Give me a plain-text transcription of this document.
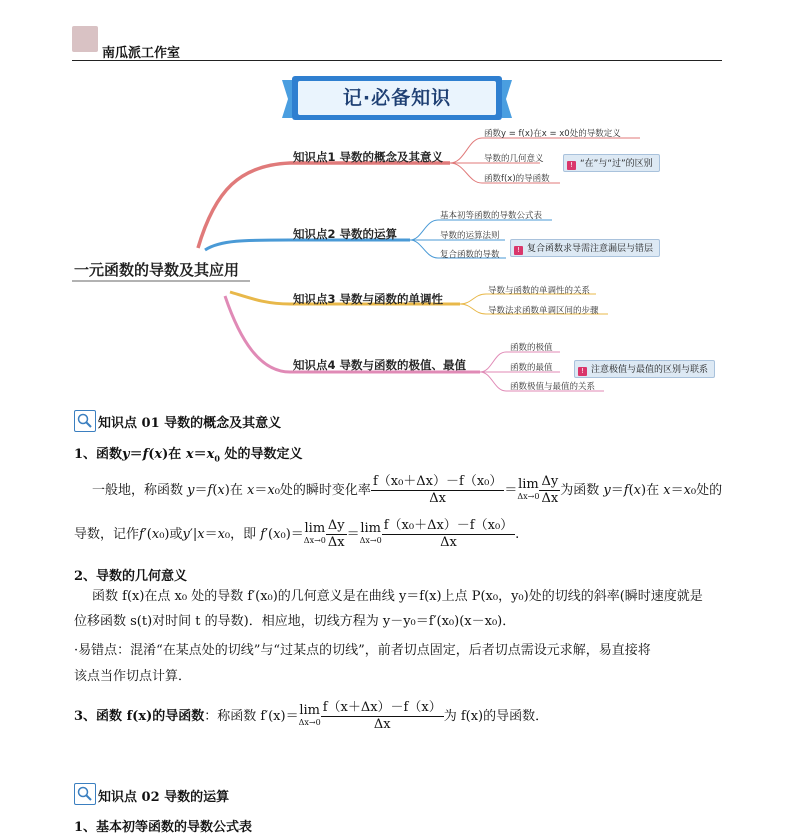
南瓜派工作室
记·必备知识
一元函数的导数及其应用
知识点1 导数的概念及其意义
函数y = f(x)在x = x0处的导数定义
导数的几何意义
函数f(x)的导函数
! “在”与“过”的区别
知识点2 导数的运算
基本初等函数的导数公式表
导数的运算法则
复合函数的导数	! 复合函数求导需注意漏层与错层
知识点3 导数与函数的单调性
导数与函数的单调性的关系
导数法求函数单调区间的步骤
知识点4 导数与函数的极值、最值
函数的极值
函数的最值
函数极值与最值的关系
! 注意极值与最值的区别与联系
知识点 01 导数的概念及其意义
1、函数y＝f(x)在 $x=x_0$ 处的导数定义
一般地，称函数 y＝f(x)在 x＝x₀处的瞬时变化率 $\frac{\text{f（x₀＋Δx）－f（x₀）}}{\Delta x} = \lim$
$\Delta x\to 0 \frac{\Delta y}{\Delta x}$ 为函数 y＝f(x)在 x＝x₀处的
导数，记作f′(x₀)或y′|x＝x₀，即 f′(x₀)＝ lim
$\Delta x\to 0 \frac{\Delta y}{\Delta x} = \lim$
$\Delta x\to 0 \frac{\text{f（x₀＋Δx）－f（x₀）}}{\Delta x}$ .
2、导数的几何意义
函数 f(x)在点 x₀ 处的导数 f′(x₀)的几何意义是在曲线 y＝f(x)上点 P(x₀，y₀)处的切线的斜率(瞬时速度就是
位移函数 s(t)对时间 t 的导数)．相应地，切线方程为 y－y₀＝f′(x₀)(x－x₀)．
·易错点：混淆“在某点处的切线”与“过某点的切线”，前者切点固定，后者切点需设元求解，易直接将
该点当作切点计算．
3、函数 f(x)的导函数：称函数 f′(x)＝ lim
$\Delta x\to 0 \frac{f(x+\Delta x)-f(x)}{\Delta x}$ 为 f(x)的导函数．
知识点 02 导数的运算
1、基本初等函数的导数公式表
